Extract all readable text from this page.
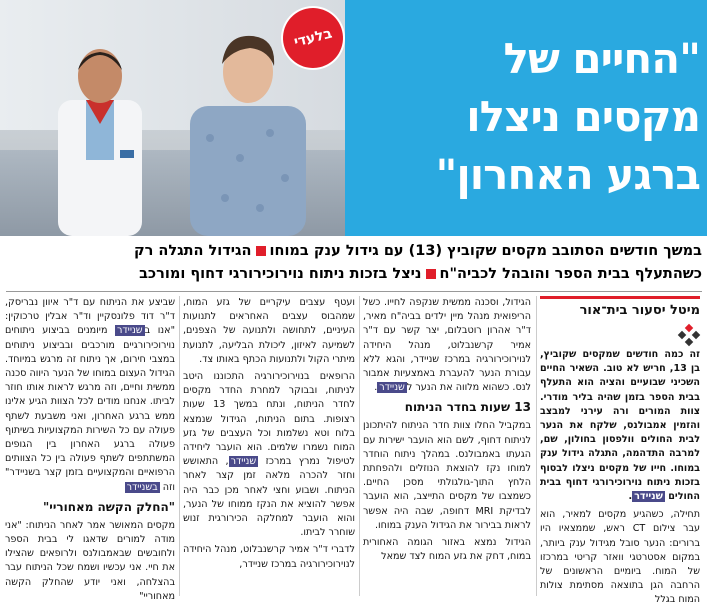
בלעדי	"החיים של
מקסים ניצלו
ברגע האחרון"
במשך חודשים הסתובב מקסים שקוביץ (13) עם גידול ענק במוחוהגידול התגלה רק
כשהתעלף בבית הספר והובהל לכביה"חניצל בזכות ניתוח נוירוכירורגי דחוף ומורכב
מיטל יסעור בית־אור
זה כמה חודשים שמקסים שקוביץ, בן 13, חריש לא טוב. השאיר החיים השכיני שבועיים והציה הוא התעלף בבית הספר בזמן שהיה בליר מודרי. צוות המורים ורה עירני למבצב והזמין אמבולנס, שלקח את הנער לבית החולים וולפסון בחולון, שם, למרבה התדהמה, התגלה גידול ענק במוחו. חייו של מקסים ניצלו לבסוף בזכות ניתוח נוירוכירורגי דחוף בבית החולים שניידר.
תחילה, כשהגיע מקסים למאיר, הוא עבר צילום CT ראש, שממצאיו היו ברורים: הנער סובל מגידול ענק ביותר, במקום אסטרטגי וואזר קריטי במרכזו של המוח. ביומיים הראשונים של הרחבה הגן בתוצאה מסתימת צולות המוח בגלל
הגידול, וסכנה ממשית שנקפה לחייו. כשל הריפואית מנהל מיין ילדים בביה"ח מאיר, ד"ר אהרון רוטבלום, יצר קשר עם ד"ר אמיר קרשנבלוט, מנהל היחידה לנוירוכירורגיה במרכז שניידר, והגא ללא עבורת הנער להעברת באמצעיות אמבור לנס. כשהוא מלווה את הנער לשניידר.
13 שעות בחדר הניתוח
במקביל החלו צוות חדר הניתוח להיתכונן לניתוח דחוף, לשם הוא הועבר ישירות עם הגעתו באמבולנס. במהלך ניתוח הוחדר למוחו נקז להוצאת הנוזלים ולהפחתת הלחץ התוך-גולגולתי מסכן החיים. כשמצבו של מקסים התייצב, הוא הועבר לבדיקת MRI דחופה, שבה היה אפשר לראות בבירור את הגידול הענק במוחו.
הגידול נמצא באזור הגומה האחורית במוח, דחק את גזע המוח לצד שמאל
ועטף עצבים עיקריים של גזע המוח, שמהבוס עצבים האחראים לתנועות העיניים, לתחושה ולתנועה של הצפנים, לשמיעה לאיזון, ליכולת הבליעה, לתנועת מיתרי הקול ולתנועות הכתף באותו צד.
הרופאים בנוירוכירורגיה התכוננו היטב לניתוח, ובבוקר למחרת החדר מקסים לחדר הניתוח, ונתח במשך 13 שעות רצופות. בתום הניתוח, הגידול שנמצא בלוח וטא נשלמות וכל העצבים של גזע המוח נשמרו שלמים. הוא הועבר ליחידה לטיפול נמרץ במרכז שניידר, התאושש וחזר להכרה מלאה זמן קצר לאחר הניתוח. ושבוע וחצי לאחר מכן כבר היה אפשר להוציא את הנקז ממוחו של הנער, והוא הועבר למחלקה הכירורגית זנוש שוחרר לביתו.
לדברי ד"ר אמיר קרשנבלוט, מנהל היחידה לנוירוכירורגיה במרכז שניידר,
שביצע את הניתוח עם ד"ר איוון נבריסק, ד"ר דוד פלונסקיין וד"ר אבלין טרכוקין: "אנו בשניידר מיומנים בביצוע ניתוחים נוירוכירורגיים מורכבים ובביצוע ניתוחים במצבי חירום, אך ניתוח זה מרגש במיוחד. הגידול העצום במוחו של הנער היווה סכנה ממשית וחיים, וזה מרגש לראות אותו חוזר לביתו. אנחנו מודים לכל הצוות הגיע אלינו ממש ברגע האחרון, ואני משבעת לשתף פעולה עם כל השירות המקצועיות בשיתוף פעולה ברגע האחרון בין הגופים המשתתפים לשתף פעולה בין כל הצוותים הרפואיים והמקצועיים בזמן קצר בשניידר" וזה בשניידר
"החלק הקשה מאחוריי"
מקסים המאושר אמר לאחר הניתוח: "אני מודה למורים שדאגו לי בבית הספר ולחובשים שבאמבולנס ולרופאים שהצילו את חיי. אני עכשיו ושמח שכל הניתוח עבר בהצלחה, ואני יודע שהחלק הקשה מאחוריי"
